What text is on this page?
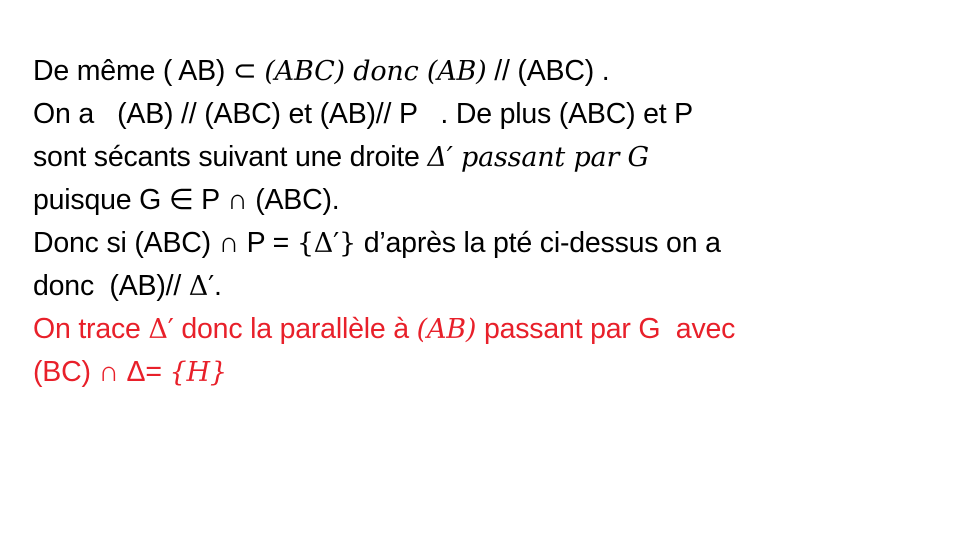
De même ( AB) ⊂ (ABC) donc (AB) // (ABC) .
On a   (AB) // (ABC) et (AB)// P   . De plus (ABC) et P
sont sécants suivant une droite Δ′ passant par G
puisque G ∈ P ∩ (ABC).
Donc si (ABC) ∩ P = {Δ′} d’après la pté ci-dessus on a
donc  (AB)// Δ′.
On trace Δ′ donc la parallèle à (AB) passant par G  avec
(BC) ∩ Δ= {H}
